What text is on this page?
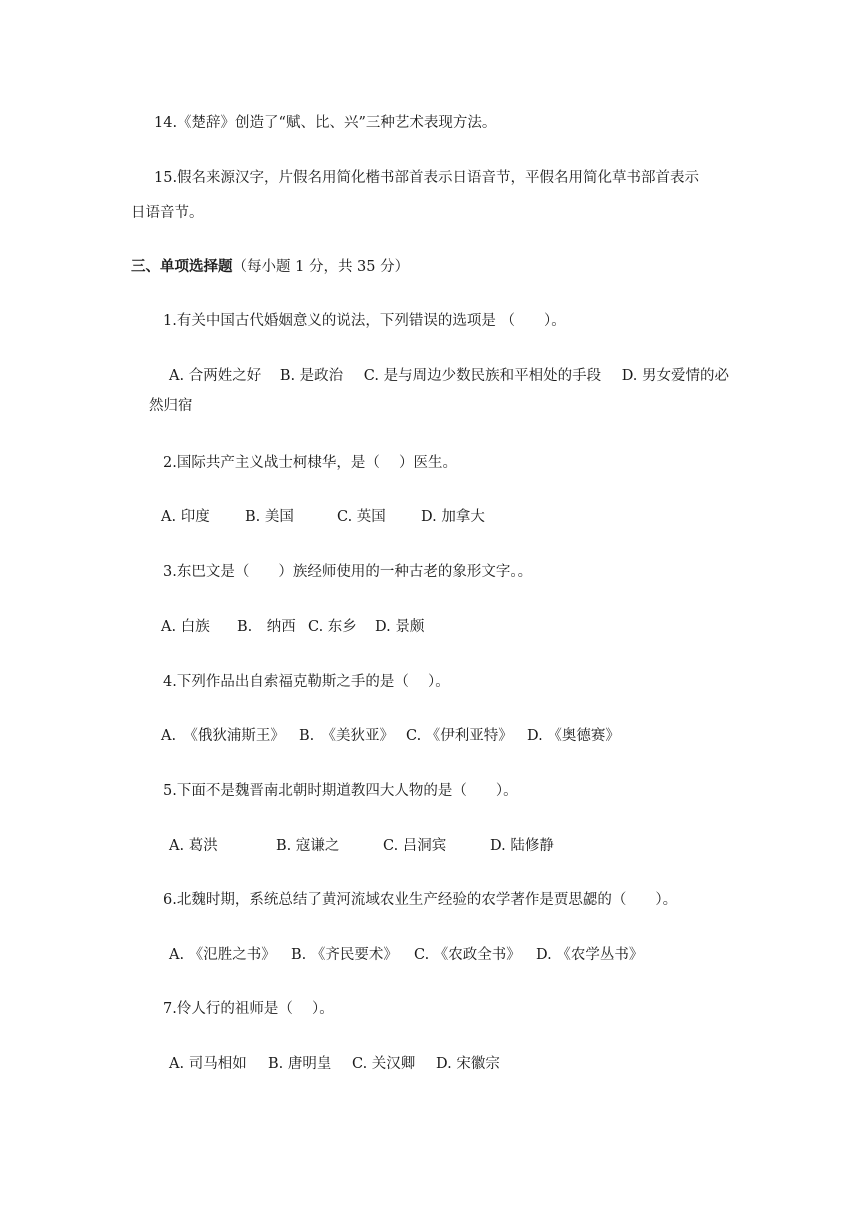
14.《楚辞》创造了“赋、比、兴”三种艺术表现方法。
15.假名来源汉字，片假名用简化楷书部首表示日语音节，平假名用简化草书部首表示
日语音节。
三、单项选择题（每小题 1 分，共 35 分）
1.有关中国古代婚姻意义的说法，下列错误的选项是 （　　）。
A. 合两姓之好 B. 是政治 C. 是与周边少数民族和平相处的手段 D. 男女爱情的必
然归宿
2.国际共产主义战士柯棣华，是（　 ）医生。
A. 印度 B. 美国	C. 英国 D. 加拿大
3.东巴文是（　　）族经师使用的一种古老的象形文字。。
A. 白族 B.　纳西 C. 东乡 D. 景颇
4.下列作品出自索福克勒斯之手的是（　 ）。
A.　《俄狄浦斯王》 B.　《美狄亚》 C. 《伊利亚特》 D. 《奥德赛》
5.下面不是魏晋南北朝时期道教四大人物的是（　　）。
A. 葛洪	B. 寇谦之	C. 吕洞宾	D. 陆修静
6.北魏时期，系统总结了黄河流域农业生产经验的农学著作是贾思勰的（　　）。
A. 《氾胜之书》 B. 《齐民要术》 C. 《农政全书》 D. 《农学丛书》
7.伶人行的祖师是（　 ）。
A. 司马相如 B. 唐明皇 C. 关汉卿 D. 宋徽宗
